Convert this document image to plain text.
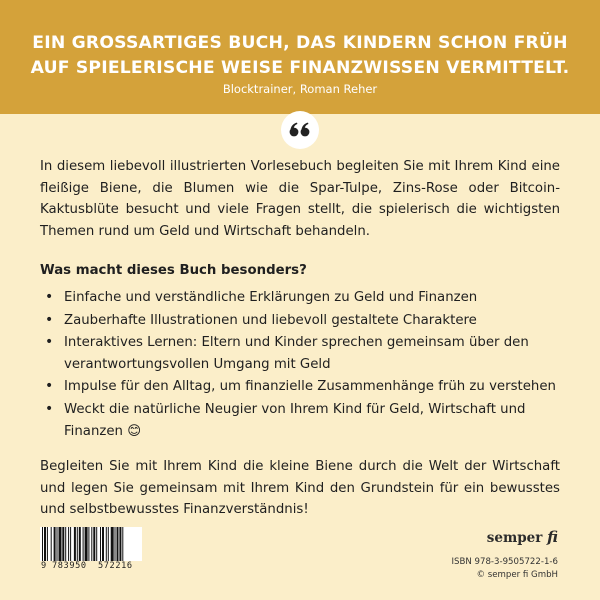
EIN GROSSARTIGES BUCH, DAS KINDERN SCHON FRÜH
AUF SPIELERISCHE WEISE FINANZWISSEN VERMITTELT.
Blocktrainer, Roman Reher

In diesem liebevoll illustrierten Vorlesebuch begleiten Sie mit Ihrem Kind eine fleißige Biene, die Blumen wie die Spar-Tulpe, Zins-Rose oder Bitcoin-Kaktusblüte besucht und viele Fragen stellt, die spielerisch die wichtigsten Themen rund um Geld und Wirtschaft behandeln.

Was macht dieses Buch besonders?
• Einfache und verständliche Erklärungen zu Geld und Finanzen
• Zauberhafte Illustrationen und liebevoll gestaltete Charaktere
• Interaktives Lernen: Eltern und Kinder sprechen gemeinsam über den verantwortungsvollen Umgang mit Geld
• Impulse für den Alltag, um finanzielle Zusammenhänge früh zu verstehen
• Weckt die natürliche Neugier von Ihrem Kind für Geld, Wirtschaft und Finanzen 😊

Begleiten Sie mit Ihrem Kind die kleine Biene durch die Welt der Wirtschaft und legen Sie gemeinsam mit Ihrem Kind den Grundstein für ein bewusstes und selbstbewusstes Finanzverständnis!

9 783950 572216
semper fi
ISBN 978-3-9505722-1-6
© semper fi GmbH
